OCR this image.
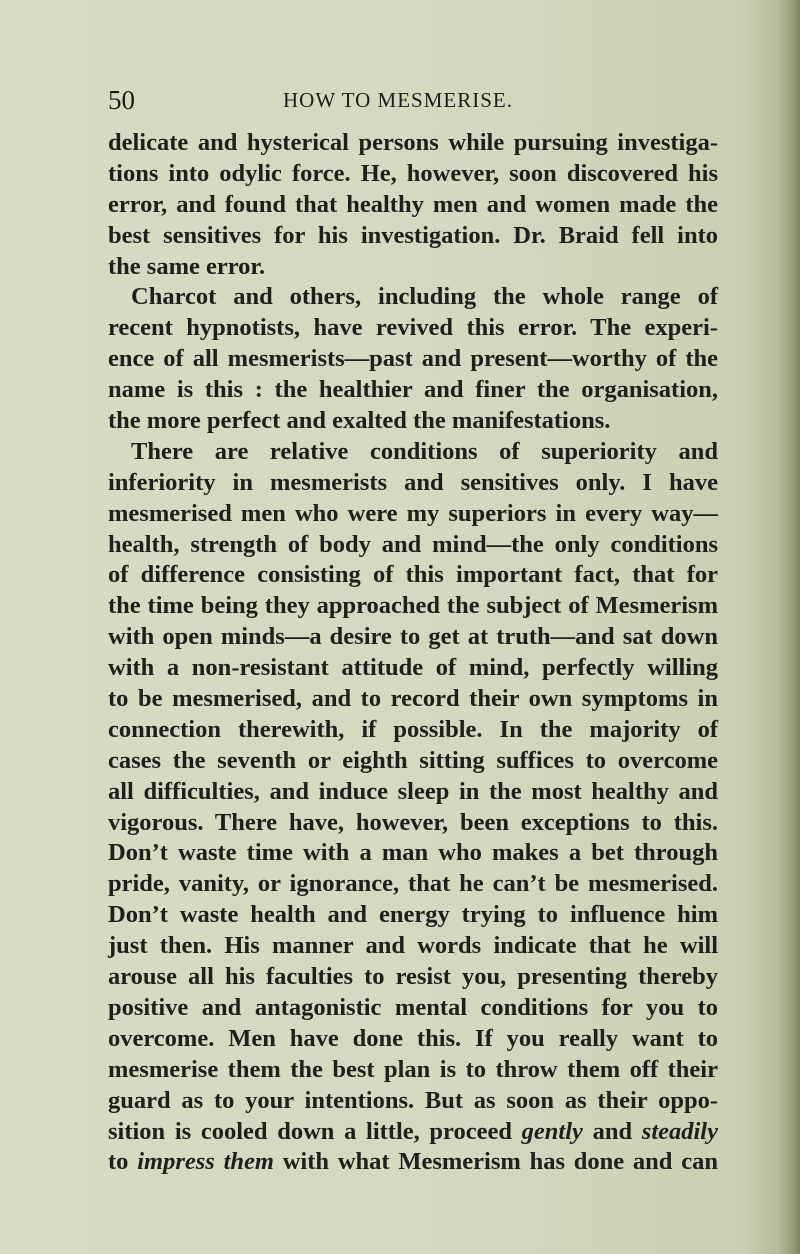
50	HOW TO MESMERISE.
delicate and hysterical persons while pursuing investiga-
tions into odylic force. He, however, soon discovered his
error, and found that healthy men and women made the
best sensitives for his investigation. Dr. Braid fell into
the same error.
Charcot and others, including the whole range of
recent hypnotists, have revived this error. The experi-
ence of all mesmerists—past and present—worthy of the
name is this : the healthier and finer the organisation,
the more perfect and exalted the manifestations.
There are relative conditions of superiority and
inferiority in mesmerists and sensitives only. I have
mesmerised men who were my superiors in every way—
health, strength of body and mind—the only conditions
of difference consisting of this important fact, that for
the time being they approached the subject of Mesmerism
with open minds—a desire to get at truth—and sat down
with a non-resistant attitude of mind, perfectly willing
to be mesmerised, and to record their own symptoms in
connection therewith, if possible. In the majority of
cases the seventh or eighth sitting suffices to overcome
all difficulties, and induce sleep in the most healthy and
vigorous. There have, however, been exceptions to this.
Don’t waste time with a man who makes a bet through
pride, vanity, or ignorance, that he can’t be mesmerised.
Don’t waste health and energy trying to influence him
just then. His manner and words indicate that he will
arouse all his faculties to resist you, presenting thereby
positive and antagonistic mental conditions for you to
overcome. Men have done this. If you really want to
mesmerise them the best plan is to throw them off their
guard as to your intentions. But as soon as their oppo-
sition is cooled down a little, proceed gently and steadily
to impress them with what Mesmerism has done and can
